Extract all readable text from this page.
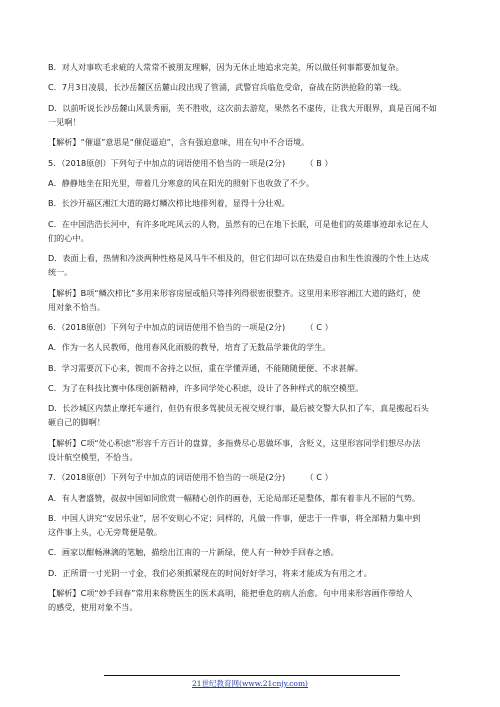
B．对人对事吹毛求疵的人常常不被朋友理解，因为无休止地追求完美，所以做任何事都要加复杂。
C．7月3日凌晨，长沙岳麓区岳麓山段出现了管涌，武警官兵临危受命，奋战在防洪抢险的第一线。
D．以前听说长沙岳麓山风景秀丽，芙不胜收，这次前去游览，果然名不虚传，让我大开眼界，真是百闻不如
一见啊！
【解析】“催逼”意思是“催促逼迫”，含有强迫意味，用在句中不合语境。
5．（2018原创）下列句子中加点的词语使用不恰当的一项是(2分)　　　（ B ）
A．静静地坐在阳光里，带着几分寒意的风在阳光的照射下也收敛了不少。
B．长沙开福区湘江大道的路灯鳞次栉比地排列着，显得十分壮观。
C．在中国浩浩长河中，有许多叱咤风云的人物，虽然有的已在地下长眠，可是他们的英雄事迹却永记在人
们的心中。
D．表面上看，热情和冷淡两种性格是风马牛不相及的，但它们却可以在热爱自由和生性浪漫的个性上达成
统一。
【解析】B项“鳞次栉比”多用来形容房屋或船只等排列得很密很整齐。这里用来形容湘江大道的路灯，使
用对象不恰当。
6．（2018原创）下列句子中加点的词语使用不恰当的一项是(2分)　　　（ C ）
A．作为一名人民教师，他用春风化雨般的教导，培育了无数品学兼优的学生。
B．学习需要沉下心来，锲而不舍持之以恒，重在学懂弄通，不能随随便便、不求甚解。
C．为了在科技比赛中体现创新精神，许多同学处心积虑，设计了各种样式的航空模型。
D．长沙城区内禁止摩托车通行，但仍有很多驾驶员无视交规行事，最后被交警大队扣了车，真是搬起石头
砸自己的脚啊！
【解析】C项“处心积虑”形容千方百计的盘算，多指费尽心思做坏事，含贬义，这里形容同学们想尽办法
设计航空模型，不恰当。
7．（2018原创）下列句子中加点的词语使用不恰当的一项是(2分)　　　（ C ）
A．有人奢盛赞，叔叔中国如同欣赏一幅精心创作的画卷，无论局部还是整体，都有着非凡不屈的气势。
B．中国人讲究“安居乐业”，居不安则心不定；同样的，凡做一件事，便忠于一件事，将全部精力集中到
这件事上头，心无旁骛便是敬。
C．画家以酣畅淋漓的笔触，描绘出江南的一片新绿，使人有一种妙手回春之感。
D．正所谓一寸光阴一寸金，我们必须抓紧现在的时间好好学习，将来才能成为有用之才。
【解析】C项“妙手回春”常用来称赞医生的医术高明，能把垂危的病人治愈。句中用来形容画作带给人
的感受，使用对象不当。
21世纪教育网(www.21cnjy.com)
